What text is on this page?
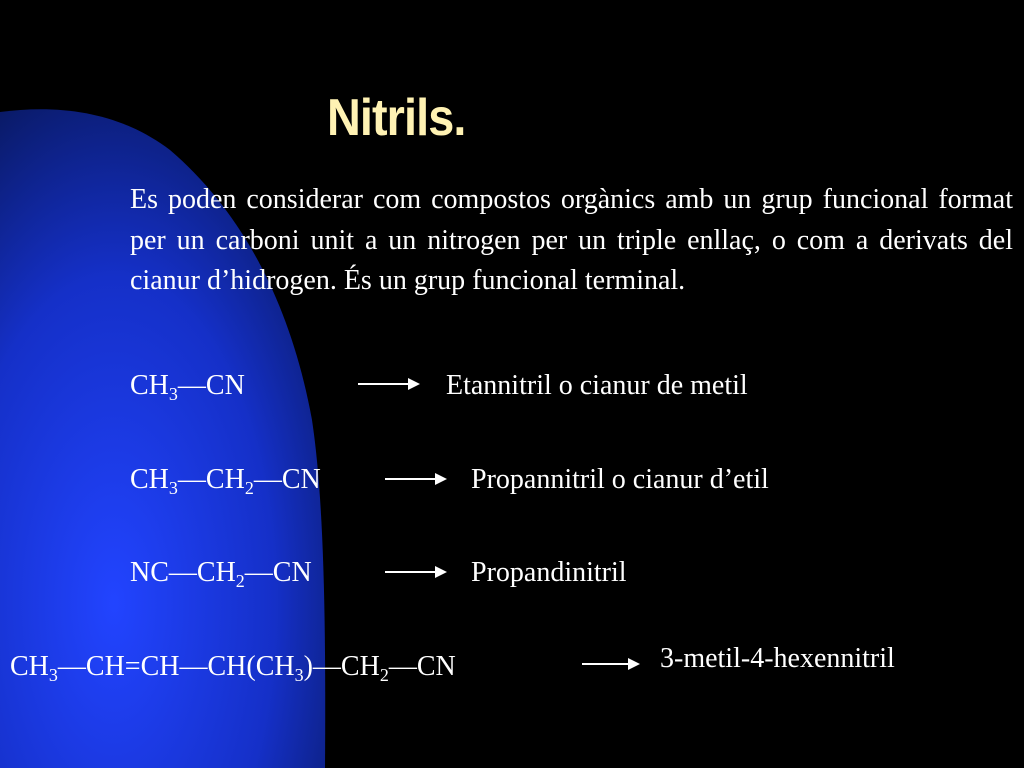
Nitrils.
Es poden considerar com compostos orgànics amb un grup funcional format per un carboni unit a un nitrogen per un triple enllaç, o com a derivats del cianur d’hidrogen. És un grup funcional terminal.
$CH_3—CN$	Etannitril o cianur de metil
$CH_3—CH_2—CN$	Propannitril o cianur d’etil
$NC—CH_2—CN$	Propandinitril
$CH_3—CH=CH—CH(CH_3)—CH_2—CN$	3-metil-4-hexennitril
